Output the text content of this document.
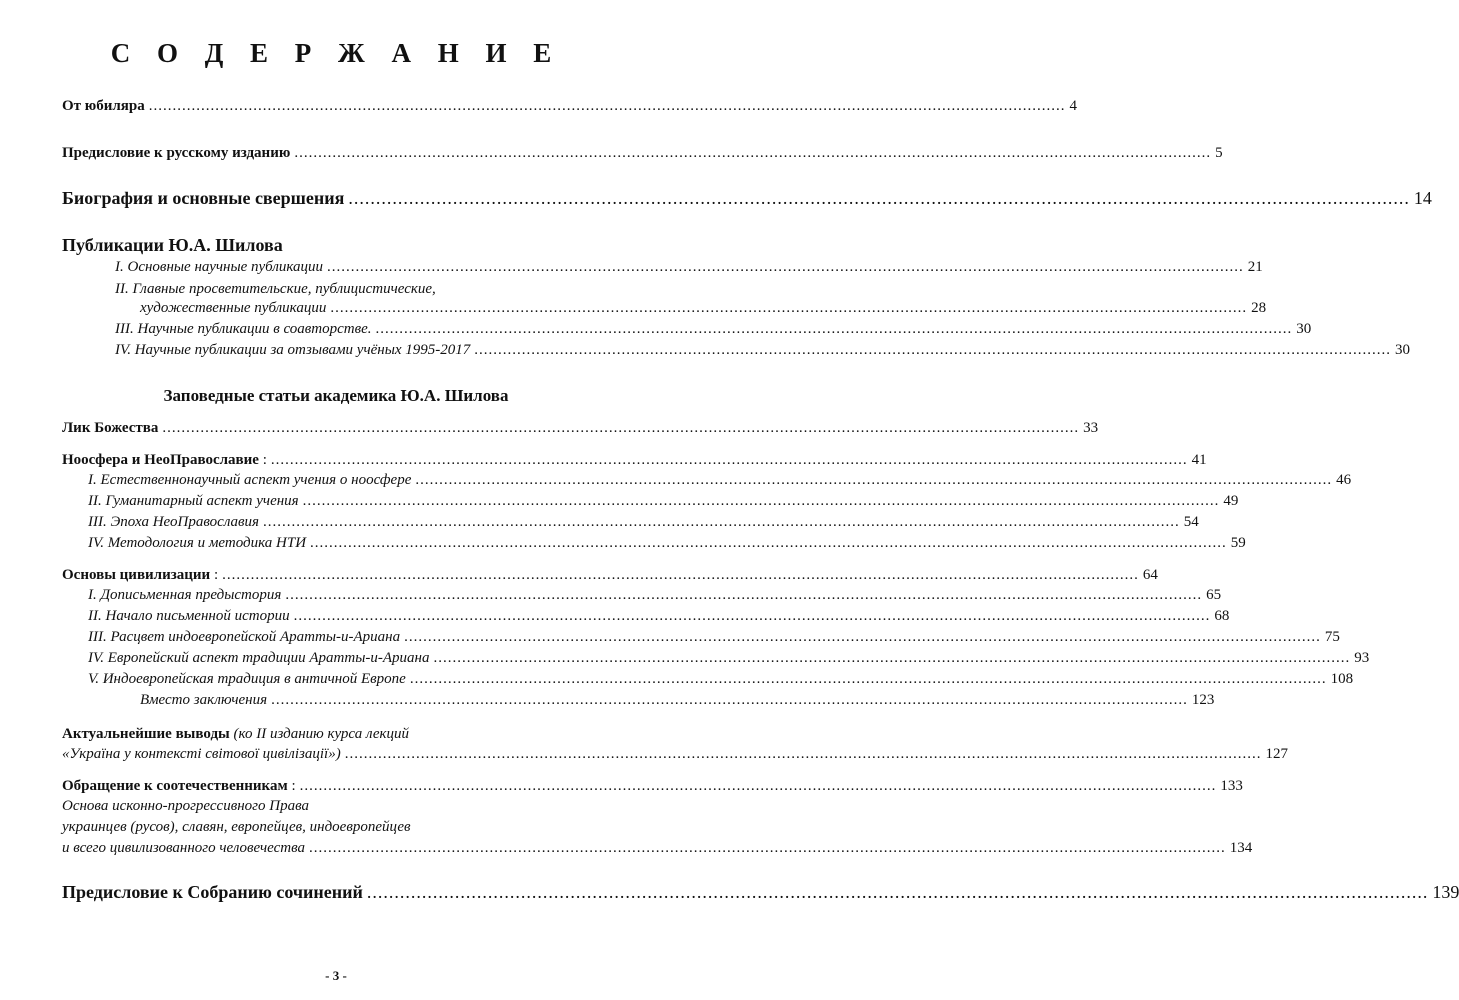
С О Д Е Р Ж А Н И Е
От юбиляра ................................................................................................................................................................................................. 4
Предисловие к русскому изданию ................................................................................................................................................................................................. 5
Биография и основные свершения ................................................................................................................................................................................................. 14
Публикации Ю.А. Шилова
I. Основные научные публикации ................................................................................................................................................................................................. 21
II. Главные просветительские, публицистические,
художественные публикации ................................................................................................................................................................................................. 28
III. Научные публикации в соавторстве. ................................................................................................................................................................................................. 30
IV. Научные публикации за отзывами учёных 1995-2017 ................................................................................................................................................................................................. 30
Заповедные статьи академика Ю.А. Шилова
Лик Божества ................................................................................................................................................................................................. 33
Ноосфера и НеоПравославие : ................................................................................................................................................................................................. 41
I. Естественнонаучный аспект учения о ноосфере ................................................................................................................................................................................................. 46
II. Гуманитарный аспект учения ................................................................................................................................................................................................. 49
III. Эпоха НеоПравославия ................................................................................................................................................................................................. 54
IV. Методология и методика НТИ ................................................................................................................................................................................................. 59
Основы цивилизации : ................................................................................................................................................................................................. 64
I. Дописьменная предыстория ................................................................................................................................................................................................. 65
II. Начало письменной истории ................................................................................................................................................................................................. 68
III. Расцвет индоевропейской Аратты-и-Ариана ................................................................................................................................................................................................. 75
IV. Европейский аспект традиции Аратты-и-Ариана ................................................................................................................................................................................................. 93
V. Индоевропейская традиция в античной Европе ................................................................................................................................................................................................. 108
Вместо заключения ................................................................................................................................................................................................. 123
Актуальнейшие выводы (ко II изданию курса лекций
«Україна у контексті світової цивілізації») ................................................................................................................................................................................................. 127
Обращение к соотечественникам : ................................................................................................................................................................................................. 133
Основа исконно-прогрессивного Права
украинцев (русов), славян, европейцев, индоевропейцев
и всего цивилизованного человечества ................................................................................................................................................................................................. 134
Предисловие к Собранию сочинений ................................................................................................................................................................................................. 139
- 3 -
